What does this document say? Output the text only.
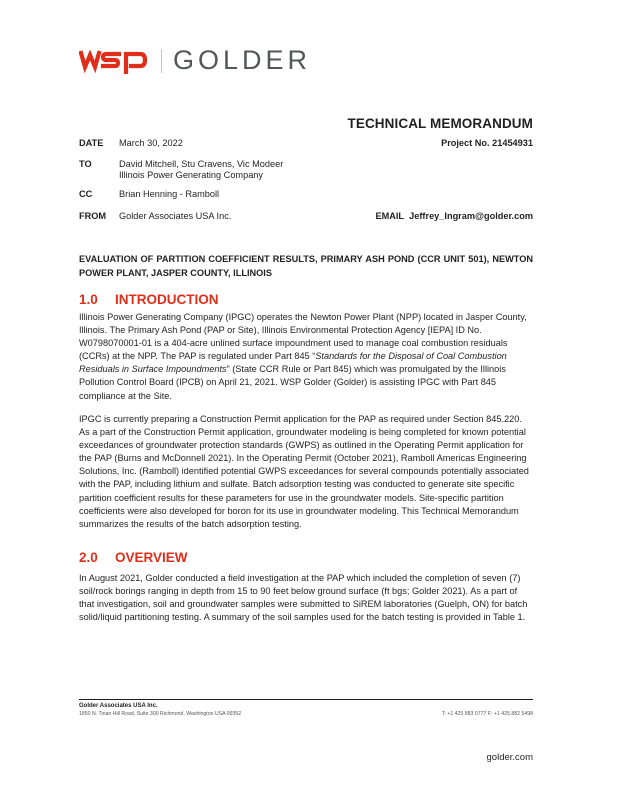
GOLDER
TECHNICAL MEMORANDUM
DATE	March 30, 2022	Project No. 21454931
TO	David Mitchell, Stu Cravens, Vic Modeer
Illinois Power Generating Company
CC	Brian Henning - Ramboll
FROM	Golder Associates USA Inc.	EMAIL Jeffrey_Ingram@golder.com
EVALUATION OF PARTITION COEFFICIENT RESULTS, PRIMARY ASH POND (CCR UNIT 501), NEWTON POWER PLANT, JASPER COUNTY, ILLINOIS
1.0	INTRODUCTION

Illinois Power Generating Company (IPGC) operates the Newton Power Plant (NPP) located in Jasper County, Illinois. The Primary Ash Pond (PAP or Site), Illinois Environmental Protection Agency [IEPA] ID No. W0798070001-01 is a 404-acre unlined surface impoundment used to manage coal combustion residuals (CCRs) at the NPP. The PAP is regulated under Part 845 “Standards for the Disposal of Coal Combustion Residuals in Surface Impoundments” (State CCR Rule or Part 845) which was promulgated by the Illinois Pollution Control Board (IPCB) on April 21, 2021. WSP Golder (Golder) is assisting IPGC with Part 845 compliance at the Site.

IPGC is currently preparing a Construction Permit application for the PAP as required under Section 845.220. As a part of the Construction Permit application, groundwater modeling is being completed for known potential exceedances of groundwater protection standards (GWPS) as outlined in the Operating Permit application for the PAP (Burns and McDonnell 2021). In the Operating Permit (October 2021), Ramboll Americas Engineering Solutions, Inc. (Ramboll) identified potential GWPS exceedances for several compounds potentially associated with the PAP, including lithium and sulfate. Batch adsorption testing was conducted to generate site specific partition coefficient results for these parameters for use in the groundwater models. Site-specific partition coefficients were also developed for boron for its use in groundwater modeling. This Technical Memorandum summarizes the results of the batch adsorption testing.

2.0	OVERVIEW

In August 2021, Golder conducted a field investigation at the PAP which included the completion of seven (7) soil/rock borings ranging in depth from 15 to 90 feet below ground surface (ft bgs; Golder 2021). As a part of that investigation, soil and groundwater samples were submitted to SiREM laboratories (Guelph, ON) for batch solid/liquid partitioning testing. A summary of the soil samples used for the batch testing is provided in Table 1.

Golder Associates USA Inc.
1850 N. Tinan Hill Road, Suite 300 Richmond, Washington USA 99352	T: +1 425 883 0777 F: +1 425 882 5498
golder.com
